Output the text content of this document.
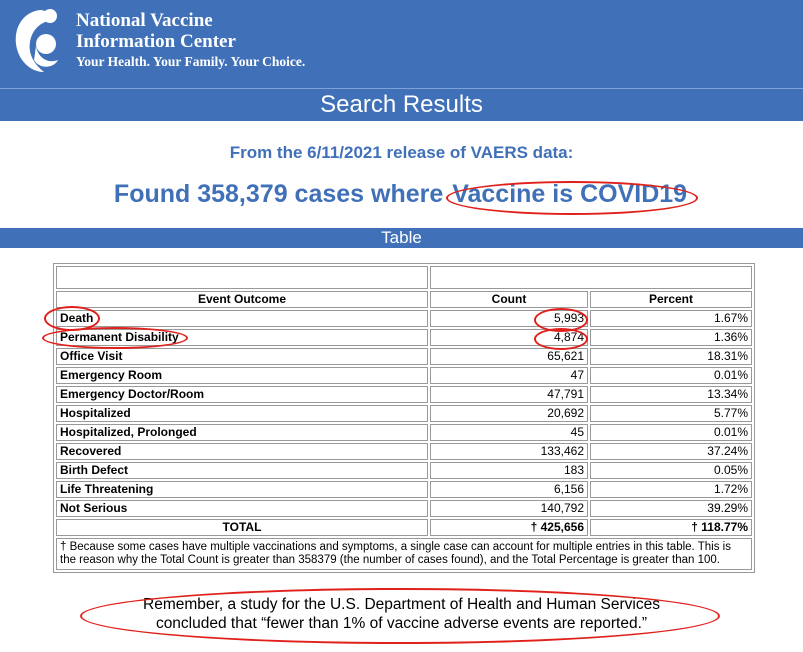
National Vaccine
Information Center
Your Health. Your Family. Your Choice.
Search Results
From the 6/11/2021 release of VAERS data:
Found 358,379 cases where Vaccine is COVID19
Table

Event Outcome	Count	Percent
Death	5,993	1.67%
Permanent Disability	4,874	1.36%
Office Visit	65,621	18.31%
Emergency Room	47	0.01%
Emergency Doctor/Room	47,791	13.34%
Hospitalized	20,692	5.77%
Hospitalized, Prolonged	45	0.01%
Recovered	133,462	37.24%
Birth Defect	183	0.05%
Life Threatening	6,156	1.72%
Not Serious	140,792	39.29%
TOTAL	† 425,656	† 118.77%
† Because some cases have multiple vaccinations and symptoms, a single case can account for multiple entries in this table. This is the reason why the Total Count is greater than 358379 (the number of cases found), and the Total Percentage is greater than 100.		
Remember, a study for the U.S. Department of Health and Human Services
concluded that “fewer than 1% of vaccine adverse events are reported.”
